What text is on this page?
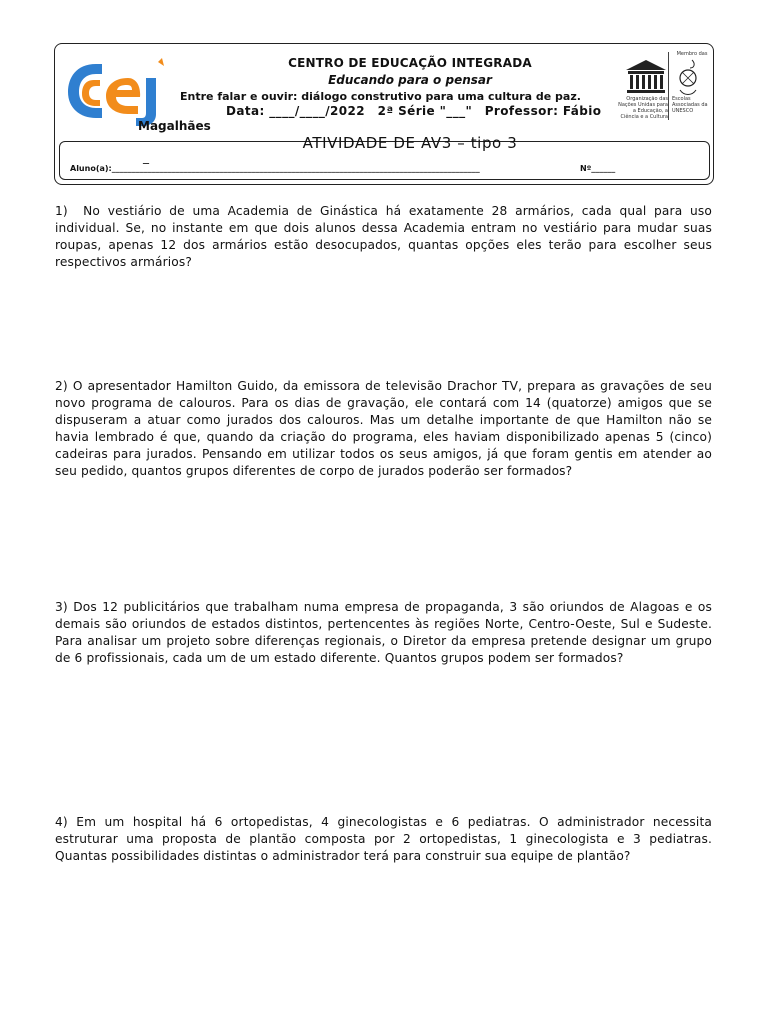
Membro das
Organização das Nações Unidas para a Educação, a Ciência e a Cultura
Escolas Associadas da UNESCO
CENTRO DE EDUCAÇÃO INTEGRADA
Educando para o pensar
Entre falar e ouvir: diálogo construtivo para uma cultura de paz.
Data: ____/____/2022 2ª Série "___" Professor: Fábio
Magalhães
ATIVIDADE DE AV3 – tipo 3
_
Aluno(a):____________________________________________________________________________________________	Nº______

1) No vestiário de uma Academia de Ginástica há exatamente 28 armários, cada qual para uso individual. Se, no instante em que dois alunos dessa Academia entram no vestiário para mudar suas roupas, apenas 12 dos armários estão desocupados, quantas opções eles terão para escolher seus respectivos armários?

2) O apresentador Hamilton Guido, da emissora de televisão Drachor TV, prepara as gravações de seu novo programa de calouros. Para os dias de gravação, ele contará com 14 (quatorze) amigos que se dispuseram a atuar como jurados dos calouros. Mas um detalhe importante de que Hamilton não se havia lembrado é que, quando da criação do programa, eles haviam disponibilizado apenas 5 (cinco) cadeiras para jurados. Pensando em utilizar todos os seus amigos, já que foram gentis em atender ao seu pedido, quantos grupos diferentes de corpo de jurados poderão ser formados?

3) Dos 12 publicitários que trabalham numa empresa de propaganda, 3 são oriundos de Alagoas e os demais são oriundos de estados distintos, pertencentes às regiões Norte, Centro-Oeste, Sul e Sudeste. Para analisar um projeto sobre diferenças regionais, o Diretor da empresa pretende designar um grupo de 6 profissionais, cada um de um estado diferente. Quantos grupos podem ser formados?

4) Em um hospital há 6 ortopedistas, 4 ginecologistas e 6 pediatras. O administrador necessita estruturar uma proposta de plantão composta por 2 ortopedistas, 1 ginecologista e 3 pediatras. Quantas possibilidades distintas o administrador terá para construir sua equipe de plantão?
